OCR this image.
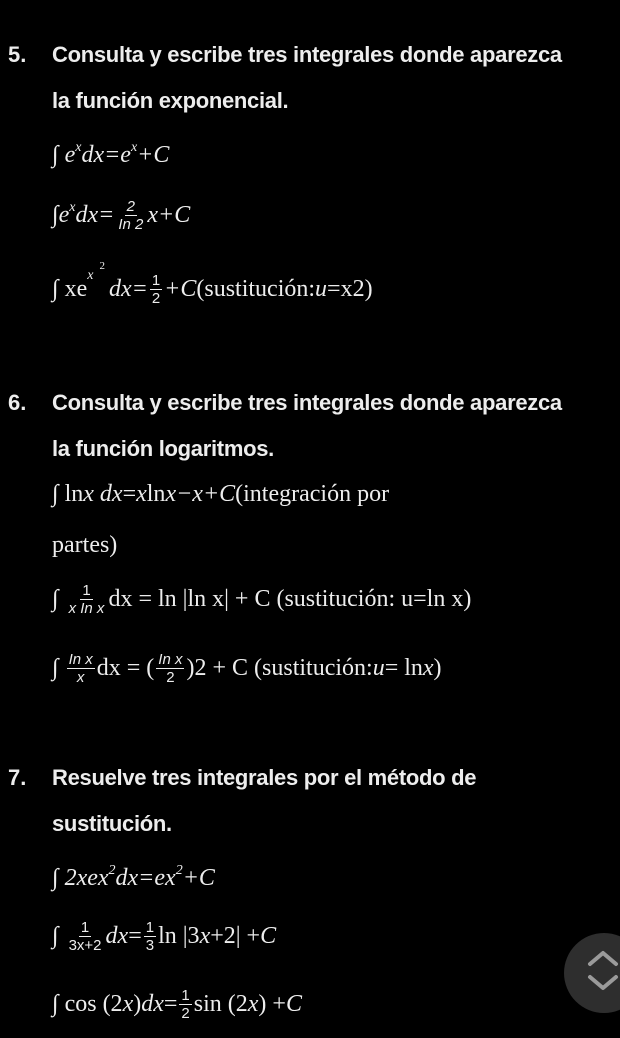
5. Consulta y escribe tres integrales donde aparezca
la función exponencial.
∫
$e^x$ $dx=e^x +C$
$\int e^x$ $dx= \frac{2}{In 2} x+C$
∫ xe
$^x$
$^2$
$dx= \frac{1}{2} +C$ (sustitución: u =x2)
6. Consulta y escribe tres integrales donde aparezca
la función logaritmos.
∫ ln x dx = x ln x−x+C (integración por
partes)
∫
$\frac{1}{\text{x In x}}$ dx = ln |ln x| + C (sustitución: u=ln x)
∫
$\frac{\text{In x}}{x}$ dx = ( $\frac{\text{In x}}{2} )2 + C$ (sustitución: u = ln x )
7. Resuelve tres integrales por el método de
sustitución.
∫ 2xex$^2$ $dx=ex^2 +C$
∫
$\frac{1}{3x+2}$ dx = $\frac{1}{3}$ ln |3 x +2| + C
∫ cos (2 x ) dx = $\frac{1}{2}$ sin (2 x ) + C
